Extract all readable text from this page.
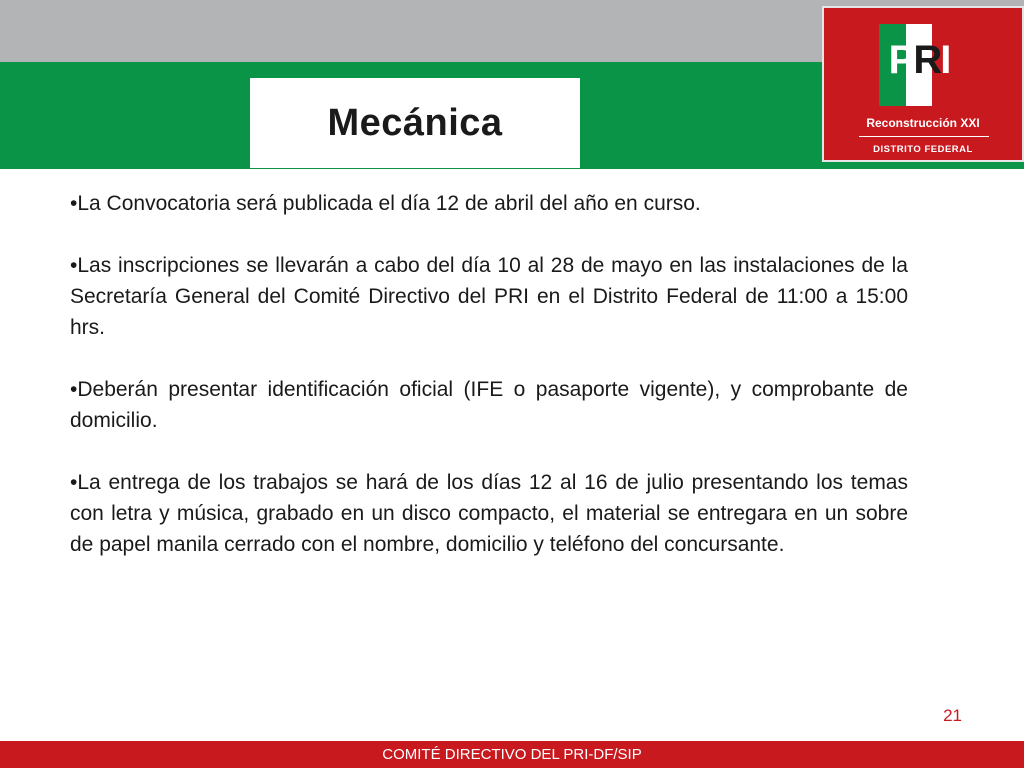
Mecánica
PRI
Reconstrucción XXI
DISTRITO FEDERAL

•La Convocatoria será publicada el día 12 de abril del año en curso.

•Las inscripciones se llevarán a cabo del día 10 al 28 de mayo en las instalaciones de la Secretaría General del Comité Directivo del PRI en el Distrito Federal de 11:00 a 15:00 hrs.

•Deberán presentar identificación oficial (IFE o pasaporte vigente), y comprobante de domicilio.

•La entrega de los trabajos se hará de los días 12 al 16 de julio presentando los temas con letra y música, grabado en un disco compacto, el material se entregara en un sobre de papel manila cerrado con el nombre, domicilio y teléfono del concursante.

21
COMITÉ DIRECTIVO DEL PRI-DF/SIP
